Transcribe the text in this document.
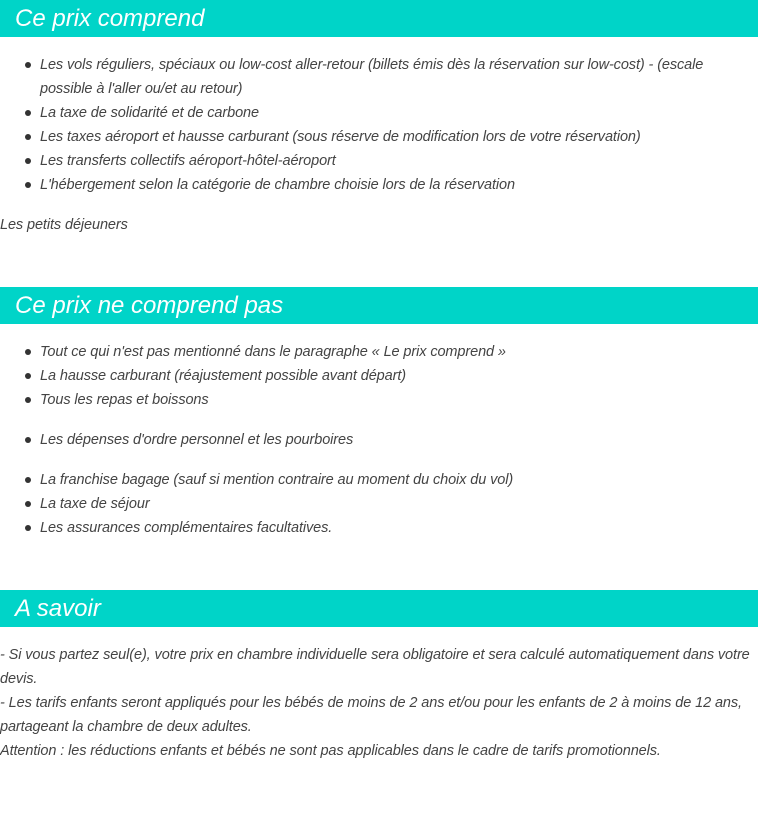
Ce prix comprend
Les vols réguliers, spéciaux ou low-cost aller-retour (billets émis dès la réservation sur low-cost) - (escale possible à l'aller ou/et au retour)
La taxe de solidarité et de carbone
Les taxes aéroport et hausse carburant (sous réserve de modification lors de votre réservation)
Les transferts collectifs aéroport-hôtel-aéroport
L'hébergement selon la catégorie de chambre choisie lors de la réservation

Les petits déjeuners

Ce prix ne comprend pas
Tout ce qui n'est pas mentionné dans le paragraphe « Le prix comprend »
La hausse carburant (réajustement possible avant départ)
Tous les repas et boissons
Les dépenses d'ordre personnel et les pourboires
La franchise bagage (sauf si mention contraire au moment du choix du vol)
La taxe de séjour
Les assurances complémentaires facultatives.
A savoir
- Si vous partez seul(e), votre prix en chambre individuelle sera obligatoire et sera calculé automatiquement dans votre devis.
- Les tarifs enfants seront appliqués pour les bébés de moins de 2 ans et/ou pour les enfants de 2 à moins de 12 ans, partageant la chambre de deux adultes.
Attention : les réductions enfants et bébés ne sont pas applicables dans le cadre de tarifs promotionnels.
